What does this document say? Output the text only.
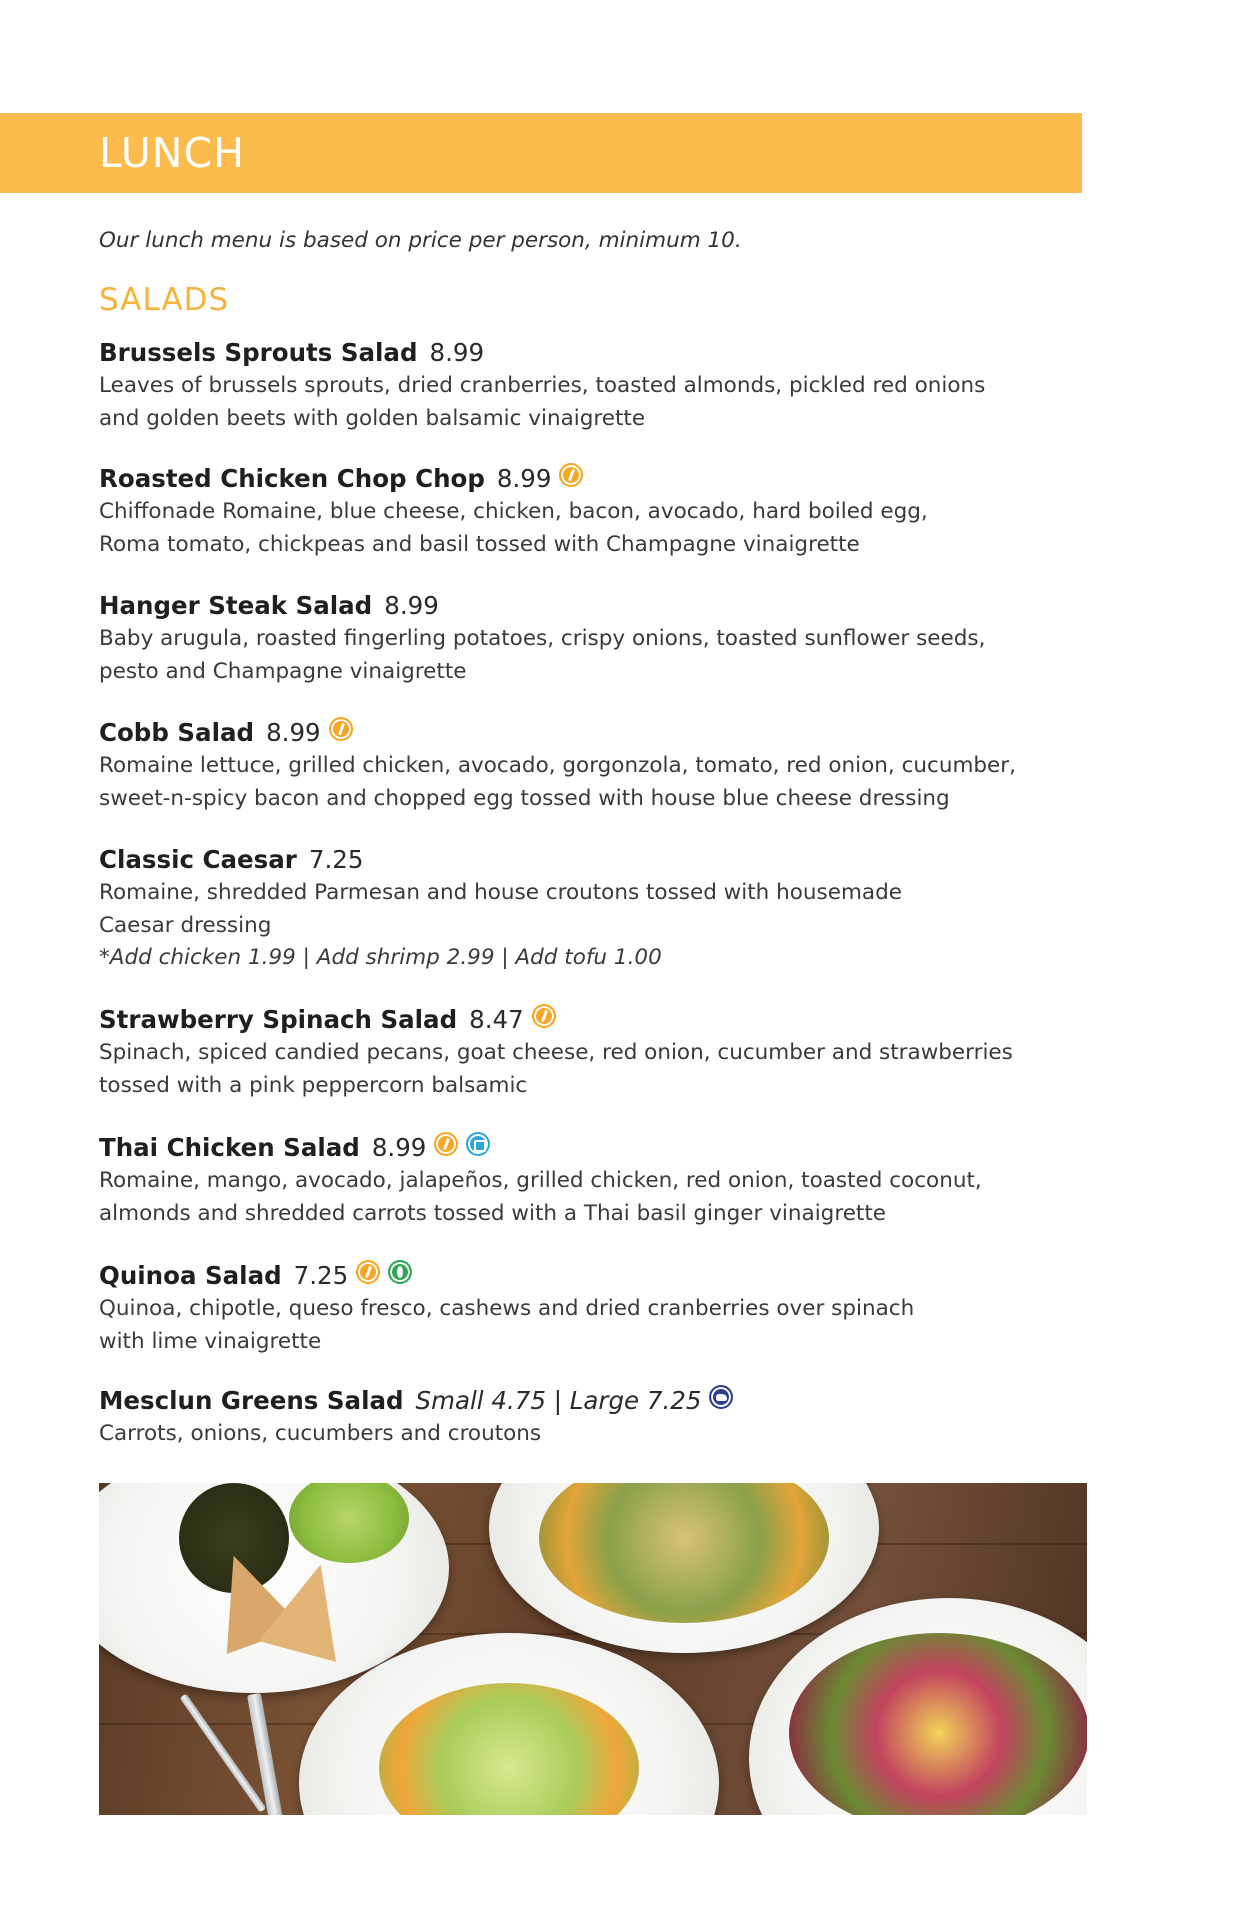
LUNCH

Our lunch menu is based on price per person, minimum 10.

SALADS
Brussels Sprouts Salad 8.99

Leaves of brussels sprouts, dried cranberries, toasted almonds, pickled red onions
and golden beets with golden balsamic vinaigrette

Roasted Chicken Chop Chop 8.99

Chiffonade Romaine, blue cheese, chicken, bacon, avocado, hard boiled egg,
Roma tomato, chickpeas and basil tossed with Champagne vinaigrette

Hanger Steak Salad 8.99

Baby arugula, roasted fingerling potatoes, crispy onions, toasted sunflower seeds,
pesto and Champagne vinaigrette

Cobb Salad 8.99

Romaine lettuce, grilled chicken, avocado, gorgonzola, tomato, red onion, cucumber,
sweet-n-spicy bacon and chopped egg tossed with house blue cheese dressing

Classic Caesar 7.25

Romaine, shredded Parmesan and house croutons tossed with housemade
Caesar dressing

*Add chicken 1.99 | Add shrimp 2.99 | Add tofu 1.00

Strawberry Spinach Salad 8.47

Spinach, spiced candied pecans, goat cheese, red onion, cucumber and strawberries
tossed with a pink peppercorn balsamic

Thai Chicken Salad 8.99

Romaine, mango, avocado, jalapeños, grilled chicken, red onion, toasted coconut,
almonds and shredded carrots tossed with a Thai basil ginger vinaigrette

Quinoa Salad 7.25

Quinoa, chipotle, queso fresco, cashews and dried cranberries over spinach
with lime vinaigrette

Mesclun Greens Salad Small 4.75 | Large 7.25

Carrots, onions, cucumbers and croutons
